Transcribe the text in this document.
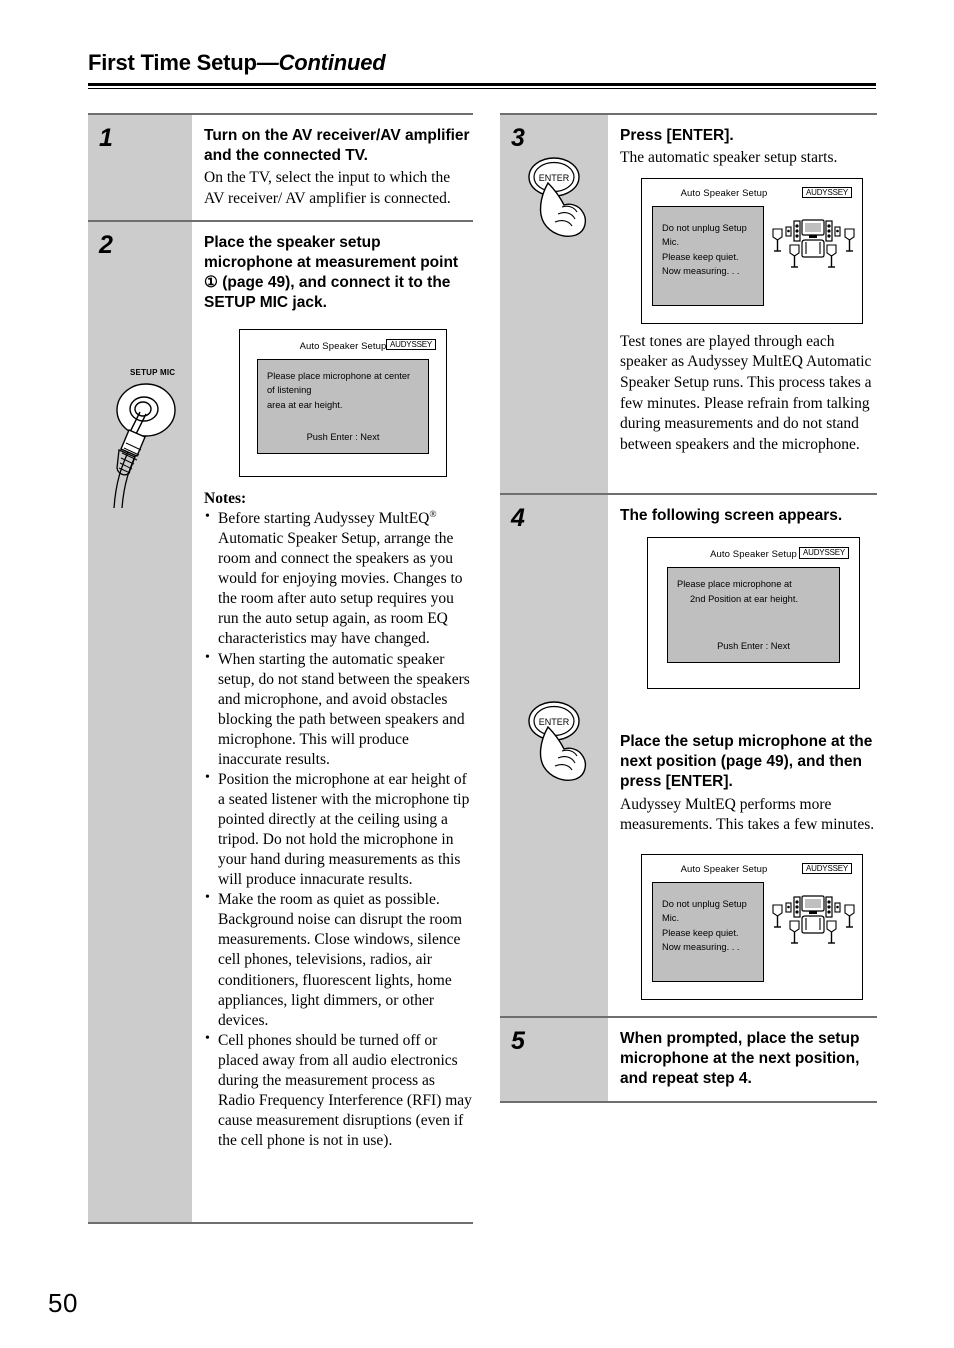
First Time Setup—Continued
1	Turn on the AV receiver/AV amplifier and the connected TV.

On the TV, select the input to which the AV receiver/ AV amplifier is connected.

2
SETUP MIC

Place the speaker setup microphone at measurement point ① (page 49), and connect it to the SETUP MIC jack.

Auto Speaker Setup AUDYSSEY
Please place microphone at center of listening
area at ear height.
Push Enter : Next
Notes:
• Before starting Audyssey MultEQ® Automatic Speaker Setup, arrange the room and connect the speakers as you would for enjoying movies. Changes to the room after auto setup requires you run the auto setup again, as room EQ characteristics may have changed.
• When starting the automatic speaker setup, do not stand between the speakers and microphone, and avoid obstacles blocking the path between speakers and microphone. This will produce inaccurate results.
• Position the microphone at ear height of a seated listener with the microphone tip pointed directly at the ceiling using a tripod. Do not hold the microphone in your hand during measurements as this will produce innacurate results.
• Make the room as quiet as possible. Background noise can disrupt the room measurements. Close windows, silence cell phones, televisions, radios, air conditioners, fluorescent lights, home appliances, light dimmers, or other devices.
• Cell phones should be turned off or placed away from all audio electronics during the measurement process as Radio Frequency Interference (RFI) may cause measurement disruptions (even if the cell phone is not in use).
3
ENTER

Press [ENTER].

The automatic speaker setup starts.

Auto Speaker Setup	AUDYSSEY
Do not unplug Setup Mic.
Please keep quiet.
Now measuring. . .

Test tones are played through each speaker as Audyssey MultEQ Automatic Speaker Setup runs. This process takes a few minutes. Please refrain from talking during measurements and do not stand between speakers and the microphone.

4
ENTER

The following screen appears.

Auto Speaker Setup AUDYSSEY
Please place microphone at
2nd Position at ear height.
Push Enter : Next

Place the setup microphone at the next position (page 49), and then press [ENTER].

Audyssey MultEQ performs more measurements. This takes a few minutes.

Auto Speaker Setup	AUDYSSEY
Do not unplug Setup Mic.
Please keep quiet.
Now measuring. . .
5	When prompted, place the setup microphone at the next position, and repeat step 4.

50
